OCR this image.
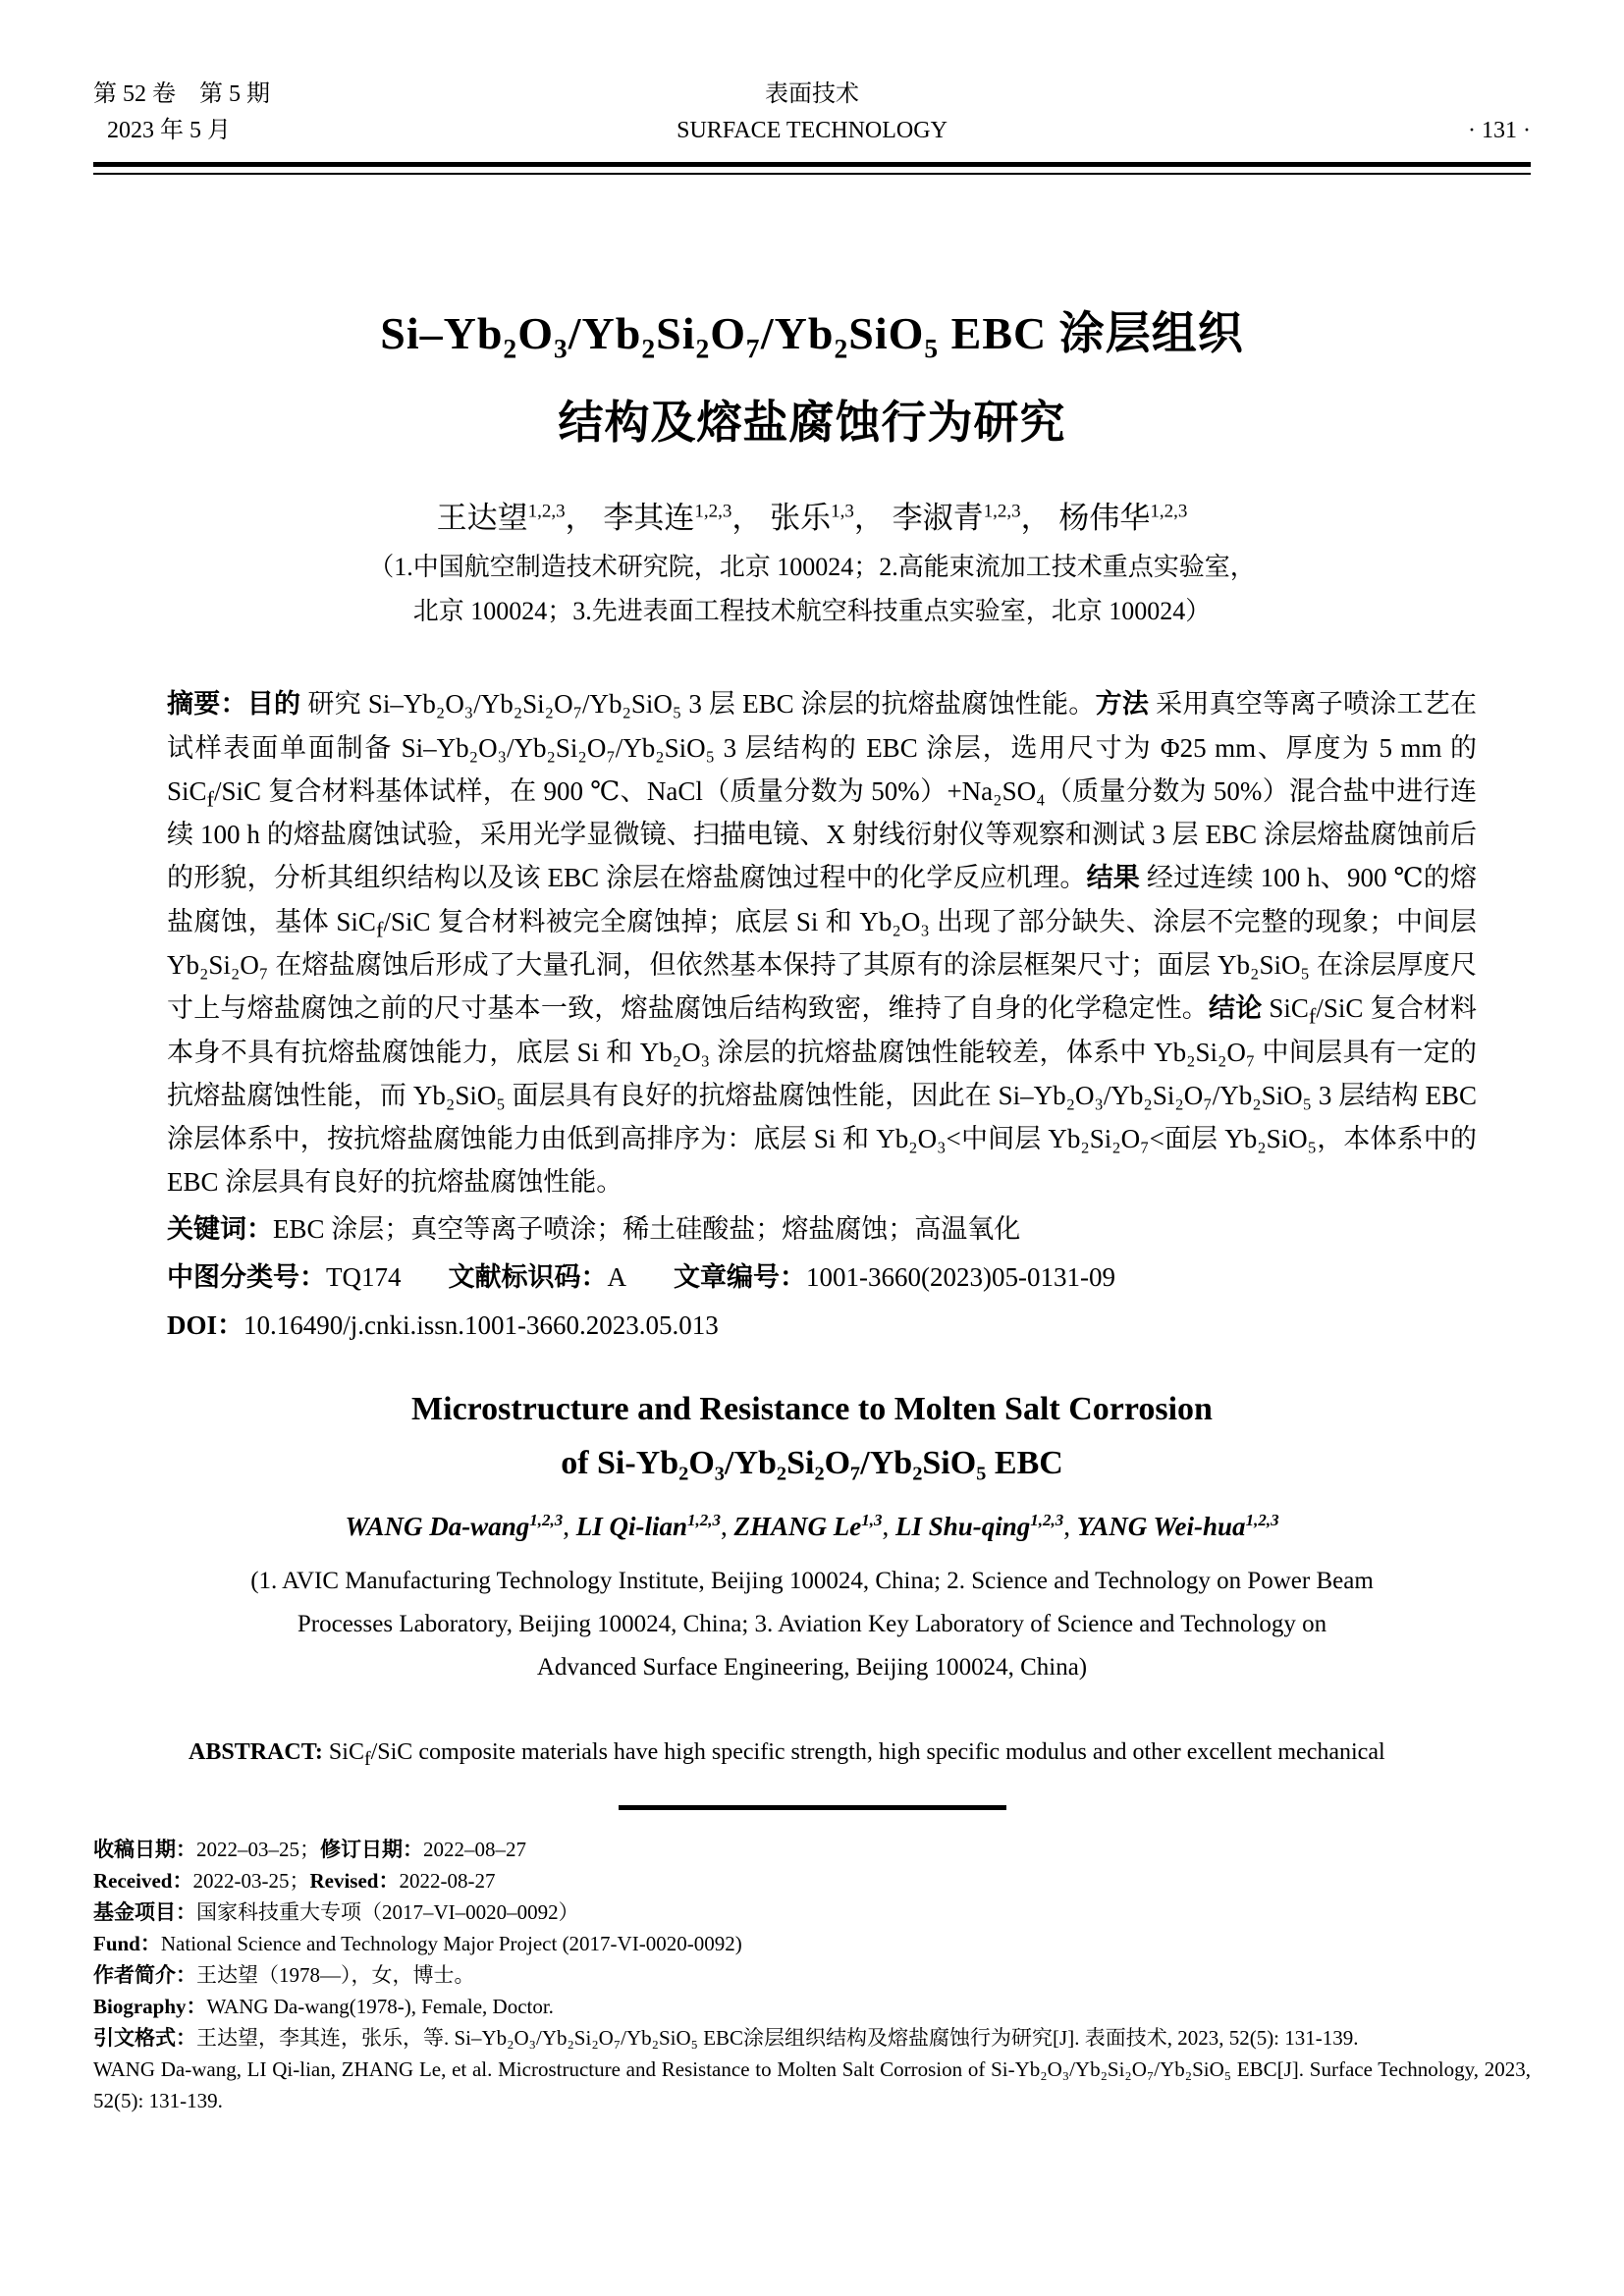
第 52 卷　第 5 期
2023 年 5 月
表面技术
SURFACE TECHNOLOGY	· 131 ·
Si–Yb₂O₃/Yb₂Si₂O₇/Yb₂SiO₅ EBC 涂层组织
结构及熔盐腐蚀行为研究
王达望$^{1,2,3}$， 李其连$^{1,2,3}$， 张乐$^{1,3}$， 李淑青$^{1,2,3}$， 杨伟华$^{1,2,3}$
（1.中国航空制造技术研究院，北京 100024；2.高能束流加工技术重点实验室，
北京 100024；3.先进表面工程技术航空科技重点实验室，北京 100024）

摘要：目的 研究 Si–Yb₂O₃/Yb₂Si₂O₇/Yb₂SiO₅ 3 层 EBC 涂层的抗熔盐腐蚀性能。方法 采用真空等离子喷涂工艺在试样表面单面制备 Si–Yb₂O₃/Yb₂Si₂O₇/Yb₂SiO₅ 3 层结构的 EBC 涂层，选用尺寸为 Φ25 mm、厚度为 5 mm 的 SiC$_f$/SiC 复合材料基体试样，在 900 ℃、NaCl（质量分数为 50%）+Na₂SO₄（质量分数为 50%）混合盐中进行连续 100 h 的熔盐腐蚀试验，采用光学显微镜、扫描电镜、X 射线衍射仪等观察和测试 3 层 EBC 涂层熔盐腐蚀前后的形貌，分析其组织结构以及该 EBC 涂层在熔盐腐蚀过程中的化学反应机理。结果 经过连续 100 h、900 ℃的熔盐腐蚀，基体 SiC$_f$/SiC 复合材料被完全腐蚀掉；底层 Si 和 Yb₂O₃ 出现了部分缺失、涂层不完整的现象；中间层 Yb₂Si₂O₇ 在熔盐腐蚀后形成了大量孔洞，但依然基本保持了其原有的涂层框架尺寸；面层 Yb₂SiO₅ 在涂层厚度尺寸上与熔盐腐蚀之前的尺寸基本一致，熔盐腐蚀后结构致密，维持了自身的化学稳定性。结论 SiC$_f$/SiC 复合材料本身不具有抗熔盐腐蚀能力，底层 Si 和 Yb₂O₃ 涂层的抗熔盐腐蚀性能较差，体系中 Yb₂Si₂O₇ 中间层具有一定的抗熔盐腐蚀性能，而 Yb₂SiO₅ 面层具有良好的抗熔盐腐蚀性能，因此在 Si–Yb₂O₃/Yb₂Si₂O₇/Yb₂SiO₅ 3 层结构 EBC 涂层体系中，按抗熔盐腐蚀能力由低到高排序为：底层 Si 和 Yb₂O₃<中间层 Yb₂Si₂O₇<面层 Yb₂SiO₅，本体系中的 EBC 涂层具有良好的抗熔盐腐蚀性能。

关键词：EBC 涂层；真空等离子喷涂；稀土硅酸盐；熔盐腐蚀；高温氧化

中图分类号：TQ174 文献标识码：A 文章编号：1001-3660(2023)05-0131-09

DOI：10.16490/j.cnki.issn.1001-3660.2023.05.013

Microstructure and Resistance to Molten Salt Corrosion
of Si-Yb₂O₃/Yb₂Si₂O₇/Yb₂SiO₅ EBC
WANG Da-wang$^{1,2,3}$, LI Qi-lian$^{1,2,3}$, ZHANG Le$^{1,3}$, LI Shu-qing$^{1,2,3}$, YANG Wei-hua$^{1,2,3}$
(1. AVIC Manufacturing Technology Institute, Beijing 100024, China; 2. Science and Technology on Power Beam
Processes Laboratory, Beijing 100024, China; 3. Aviation Key Laboratory of Science and Technology on
Advanced Surface Engineering, Beijing 100024, China)

ABSTRACT: SiC$_f$/SiC composite materials have high specific strength, high specific modulus and other excellent mechanical

收稿日期：2022–03–25；修订日期：2022–08–27

Received：2022-03-25；Revised：2022-08-27

基金项目：国家科技重大专项（2017–VI–0020–0092）

Fund：National Science and Technology Major Project (2017-VI-0020-0092)

作者简介：王达望（1978—），女，博士。

Biography：WANG Da-wang(1978-), Female, Doctor.

引文格式：王达望，李其连，张乐，等. Si–Yb₂O₃/Yb₂Si₂O₇/Yb₂SiO₅ EBC涂层组织结构及熔盐腐蚀行为研究[J]. 表面技术, 2023, 52(5): 131-139.

WANG Da-wang, LI Qi-lian, ZHANG Le, et al. Microstructure and Resistance to Molten Salt Corrosion of Si-Yb₂O₃/Yb₂Si₂O₇/Yb₂SiO₅ EBC[J]. Surface Technology, 2023, 52(5): 131-139.
